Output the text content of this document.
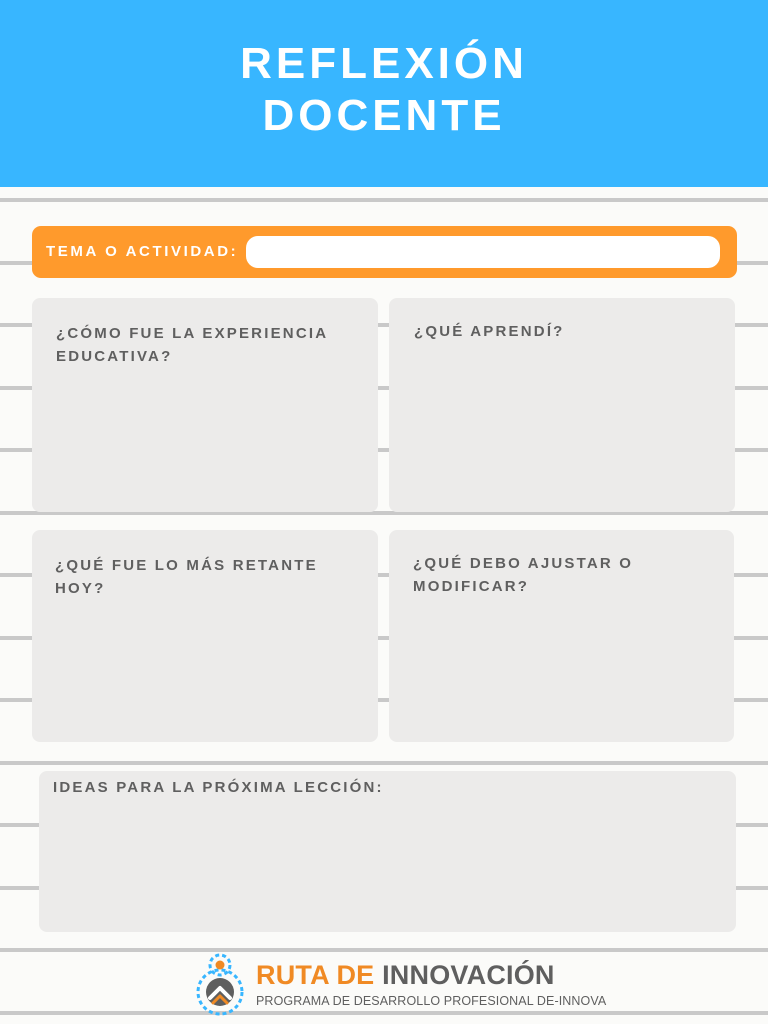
REFLEXIÓN
DOCENTE
TEMA O ACTIVIDAD:
¿CÓMO FUE LA EXPERIENCIA
EDUCATIVA?
¿QUÉ APRENDÍ?
¿QUÉ FUE LO MÁS RETANTE
HOY?
¿QUÉ DEBO AJUSTAR O
MODIFICAR?
IDEAS PARA LA PRÓXIMA LECCIÓN:
RUTA DE INNOVACIÓN
PROGRAMA DE DESARROLLO PROFESIONAL DE-INNOVA
